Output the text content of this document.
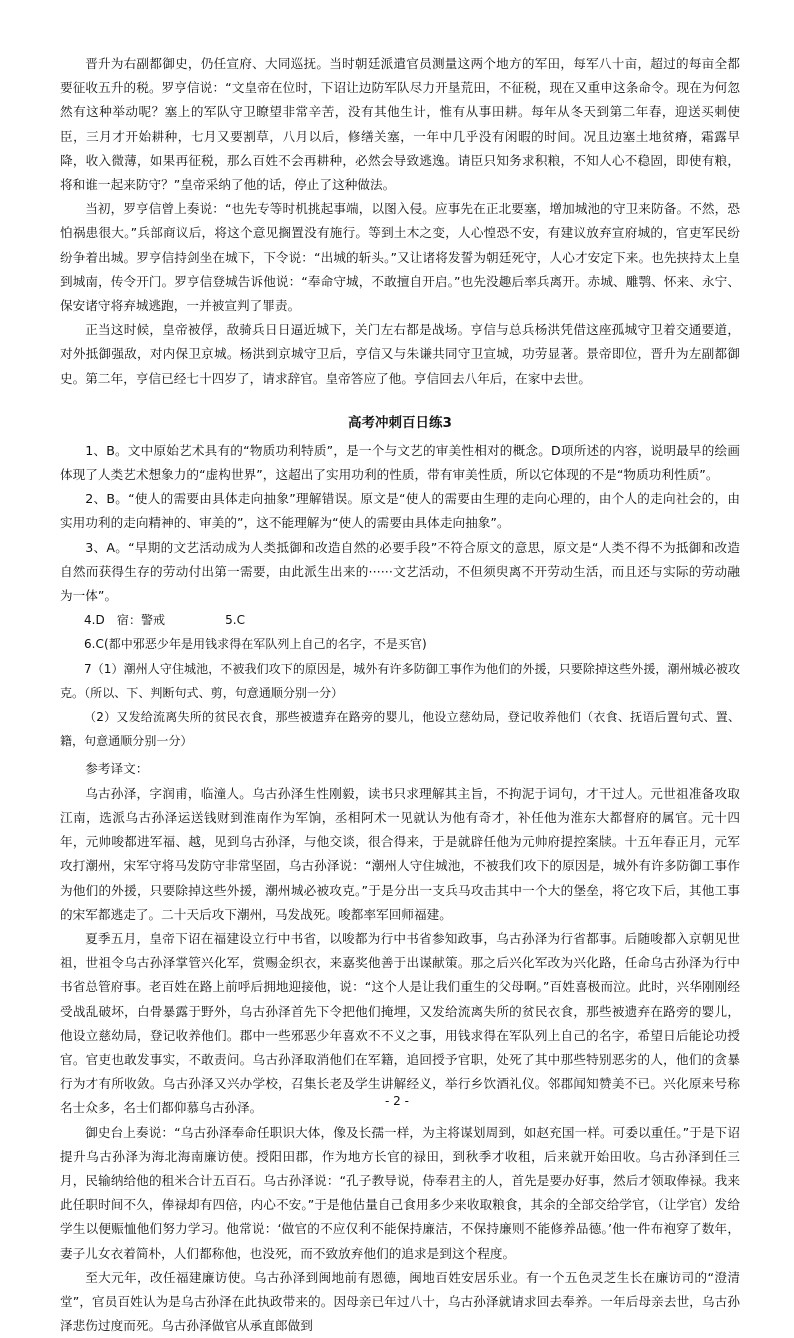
晋升为右副都御史，仍任宣府、大同巡抚。当时朝廷派遣官员测量这两个地方的军田，每军八十亩，超过的每亩全都要征收五升的税。罗亨信说：“文皇帝在位时，下诏让边防军队尽力开垦荒田，不征税，现在又重申这条命令。现在为何忽然有这种举动呢？塞上的军队守卫瞭望非常辛苦，没有其他生计，惟有从事田耕。每年从冬天到第二年春，迎送买刺使臣，三月才开始耕种，七月又要割草，八月以后，修缮关塞，一年中几乎没有闲暇的时间。况且边塞土地贫瘠，霜露早降，收入微薄，如果再征税，那么百姓不会再耕种，必然会导致逃逸。请臣只知务求积粮，不知人心不稳固，即使有粮，将和谁一起来防守？”皇帝采纳了他的话，停止了这种做法。

当初，罗亨信曾上奏说：“也先专等时机挑起事端，以图入侵。应事先在正北要塞，增加城池的守卫来防备。不然，恐怕祸患很大。”兵部商议后，将这个意见搁置没有施行。等到土木之变，人心惶恐不安，有建议放弃宣府城的，官吏军民纷纷争着出城。罗亨信持剑坐在城下，下令说：“出城的斩头。”又让诸将发誓为朝廷死守，人心才安定下来。也先挟持太上皇到城南，传令开门。罗亨信登城告诉他说：“奉命守城，不敢擅自开启。”也先没趣后率兵离开。赤城、雕鹗、怀来、永宁、保安诸守将弃城逃跑，一并被宣判了罪责。

正当这时候，皇帝被俘，敌骑兵日日逼近城下，关门左右都是战场。亨信与总兵杨洪凭借这座孤城守卫着交通要道，对外抵御强敌，对内保卫京城。杨洪到京城守卫后，亨信又与朱谦共同守卫宣城，功劳显著。景帝即位，晋升为左副都御史。第二年，亨信已经七十四岁了，请求辞官。皇帝答应了他。亨信回去八年后，在家中去世。

高考冲刺百日练3

1、B。文中原始艺术具有的“物质功利特质”，是一个与文艺的审美性相对的概念。D项所述的内容，说明最早的绘画体现了人类艺术想象力的“虚构世界”，这超出了实用功利的性质，带有审美性质，所以它体现的不是“物质功利性质”。

2、B。“使人的需要由具体走向抽象”理解错误。原文是“使人的需要由生理的走向心理的，由个人的走向社会的，由实用功利的走向精神的、审美的”，这不能理解为“使人的需要由具体走向抽象”。

3、A。“早期的文艺活动成为人类抵御和改造自然的必要手段”不符合原文的意思，原文是“人类不得不为抵御和改造自然而获得生存的劳动付出第一需要，由此派生出来的······文艺活动，不但须臾离不开劳动生活，而且还与实际的劳动融为一体”。

4.D　宿：警戒	5.C

6.C(都中邪恶少年是用钱求得在军队列上自己的名字，不是买官)

7（1）潮州人守住城池，不被我们攻下的原因是，城外有许多防御工事作为他们的外援，只要除掉这些外援，潮州城必被攻克。（所以、下、判断句式、剪，句意通顺分别一分）

（2）又发给流离失所的贫民衣食，那些被遗弃在路旁的婴儿，他设立慈幼局，登记收养他们（衣食、抚语后置句式、置、籍，句意通顺分别一分）

参考译文：

乌古孙泽，字润甫，临潼人。乌古孙泽生性刚毅，读书只求理解其主旨，不拘泥于词句，才干过人。元世祖准备攻取江南，选派乌古孙泽运送钱财到淮南作为军饷，丞相阿术一见就认为他有奇才，补任他为淮东大都督府的属官。元十四年，元帅唆都进军福、越，见到乌古孙泽，与他交谈，很合得来，于是就辟任他为元帅府提控案牍。十五年春正月，元军攻打潮州，宋军守将马发防守非常坚固，乌古孙泽说：“潮州人守住城池，不被我们攻下的原因是，城外有许多防御工事作为他们的外援，只要除掉这些外援，潮州城必被攻克。”于是分出一支兵马攻击其中一个大的堡垒，将它攻下后，其他工事的宋军都逃走了。二十天后攻下潮州，马发战死。唆都率军回师福建。

夏季五月，皇帝下诏在福建设立行中书省，以唆都为行中书省参知政事，乌古孙泽为行省都事。后随唆都入京朝见世祖，世祖令乌古孙泽掌管兴化军，赏赐金织衣，来嘉奖他善于出谋献策。那之后兴化军改为兴化路，任命乌古孙泽为行中书省总管府事。老百姓在路上前呼后拥地迎接他，说：“这个人是让我们重生的父母啊。”百姓喜极而泣。此时，兴华刚刚经受战乱破坏，白骨暴露于野外，乌古孙泽首先下令把他们掩埋，又发给流离失所的贫民衣食，那些被遗弃在路旁的婴儿，他设立慈幼局，登记收养他们。郡中一些邪恶少年喜欢不不义之事，用钱求得在军队列上自己的名字，希望日后能论功授官。官吏也敢发事实，不敢责问。乌古孙泽取消他们在军籍，追回授予官职，处死了其中那些特别恶劣的人，他们的贪暴行为才有所收敛。乌古孙泽又兴办学校，召集长老及学生讲解经义，举行乡饮酒礼仪。邻郡闻知赞美不已。兴化原来号称名士众多，名士们都仰慕乌古孙泽。

御史台上奏说：“乌古孙泽奉命任职识大体，像及长孺一样，为主将谋划周到，如赵充国一样。可委以重任。”于是下诏提升乌古孙泽为海北海南廉访使。授阳田郡，作为地方长官的禄田，到秋季才收租，后来就开始田收。乌古孙泽到任三月，民输纳给他的租米合计五百石。乌古孙泽说：“孔子教导说，侍奉君主的人，首先是要办好事，然后才领取俸禄。我来此任职时间不久，俸禄却有四倍，内心不安。”于是他估量自己食用多少来收取粮食，其余的全部交给学官，（让学官）发给学生以便赈恤他们努力学习。他常说：‘做官的不应仅利不能保持廉洁，不保持廉则不能修养品德。’他一件布袍穿了数年，妻子儿女衣着简朴，人们都称他，也没死，而不致放弃他们的追求是到这个程度。

至大元年，改任福建廉访使。乌古孙泽到闽地前有恩德，闽地百姓安居乐业。有一个五色灵芝生长在廉访司的“澄清堂”，官员百姓认为是乌古孙泽在此执政带来的。因母亲已年过八十，乌古孙泽就请求回去奉养。一年后母亲去世，乌古孙泽悲伤过度而死。乌古孙泽做官从承直郎做到

- 2 -
